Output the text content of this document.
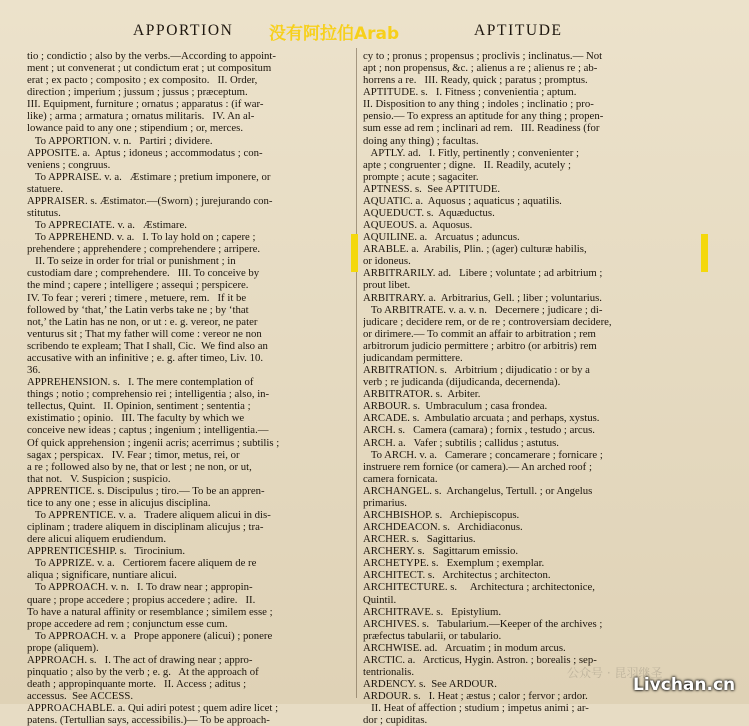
APPORTION	APTITUDE
没有阿拉伯Arab
tio ; condictio ; also by the verbs.—According to appoint-
ment ; ut convenerat ; ut condictum erat ; ut compositum
erat ; ex pacto ; composito ; ex composito.   II. Order,
direction ; imperium ; jussum ; jussus ; præceptum.
III. Equipment, furniture ; ornatus ; apparatus : (if war-
like) ; arma ; armatura ; ornatus militaris.   IV. An al-
lowance paid to any one ; stipendium ; or, merces.
To APPORTION. v. n.   Partiri ; dividere.
APPOSITE. a.  Aptus ; idoneus ; accommodatus ; con-
veniens ; congruus.
To APPRAISE. v. a.   Æstimare ; pretium imponere, or
statuere.
APPRAISER. s. Æstimator.—(Sworn) ; jurejurando con-
stitutus.
To APPRECIATE. v. a.   Æstimare.
To APPREHEND. v. a.   I. To lay hold on ; capere ;
prehendere ; apprehendere ; comprehendere ; arripere.
II. To seize in order for trial or punishment ; in
custodiam dare ; comprehendere.   III. To conceive by
the mind ; capere ; intelligere ; assequi ; perspicere.
IV. To fear ; vereri ; timere , metuere, rem.   If it be
followed by ‘that,’ the Latin verbs take ne ; by ‘that
not,’ the Latin has ne non, or ut : e. g. vereor, ne pater
venturus sit ; That my father will come : vereor ne non
scribendo te expleam; That I shall, Cic.  We find also an
accusative with an infinitive ; e. g. after timeo, Liv. 10.
36.
APPREHENSION. s.   I. The mere contemplation of
things ; notio ; comprehensio rei ; intelligentia ; also, in-
tellectus, Quint.   II. Opinion, sentiment ; sententia ;
existimatio ; opinio.   III. The faculty by which we
conceive new ideas ; captus ; ingenium ; intelligentia.—
Of quick apprehension ; ingenii acris; acerrimus ; subtilis ;
sagax ; perspicax.   IV. Fear ; timor, metus, rei, or
a re ; followed also by ne, that or lest ; ne non, or ut,
that not.   V. Suspicion ; suspicio.
APPRENTICE. s. Discipulus ; tiro.— To be an appren-
tice to any one ; esse in alicujus disciplina.
To APPRENTICE. v. a.   Tradere aliquem alicui in dis-
ciplinam ; tradere aliquem in disciplinam alicujus ; tra-
dere alicui aliquem erudiendum.
APPRENTICESHIP. s.   Tirocinium.
To APPRIZE. v. a.   Certiorem facere aliquem de re
aliqua ; significare, nuntiare alicui.
To APPROACH. v. n.   I. To draw near ; appropin-
quare ; prope accedere ; propius accedere ; adire.   II.
To have a natural affinity or resemblance ; similem esse ;
prope accedere ad rem ; conjunctum esse cum.
To APPROACH. v. a   Prope apponere (alicui) ; ponere
prope (aliquem).
APPROACH. s.   I. The act of drawing near ; appro-
pinquatio ; also by the verb ; e. g.   At the approach of
death ; appropinquante morte.   II. Access ; aditus ;
accessus.  See ACCESS.
APPROACHABLE. a. Qui adiri potest ; quem adire licet ;
patens. (Tertullian says, accessibilis.)— To be approach-
cy to ; pronus ; propensus ; proclivis ; inclinatus.— Not
apt ; non propensus, &c. ; alienus a re ; alienus re ; ab-
horrens a re.   III. Ready, quick ; paratus ; promptus.
APTITUDE. s.   I. Fitness ; convenientia ; aptum.
II. Disposition to any thing ; indoles ; inclinatio ; pro-
pensio.— To express an aptitude for any thing ; propen-
sum esse ad rem ; inclinari ad rem.   III. Readiness (for
doing any thing) ; facultas.
APTLY. ad.   I. Fitly, pertinently ; convenienter ;
apte ; congruenter ; digne.   II. Readily, acutely ;
prompte ; acute ; sagaciter.
APTNESS. s.  See APTITUDE.
AQUATIC. a.  Aquosus ; aquaticus ; aquatilis.
AQUEDUCT. s.  Aquæductus.
AQUEOUS. a.  Aquosus.
AQUILINE. a.   Arcuatus ; aduncus.
ARABLE. a.  Arabilis, Plin. ; (ager) culturæ habilis,
or idoneus.
ARBITRARILY. ad.   Libere ; voluntate ; ad arbitrium ;
prout libet.
ARBITRARY. a.  Arbitrarius, Gell. ; liber ; voluntarius.
To ARBITRATE. v. a. v. n.   Decernere ; judicare ; di-
judicare ; decidere rem, or de re ; controversiam decidere,
or dirimere.— To commit an affair to arbitration ; rem
arbitrorum judicio permittere ; arbitro (or arbitris) rem
judicandam permittere.
ARBITRATION. s.   Arbitrium ; dijudicatio : or by a
verb ; re judicanda (dijudicanda, decernenda).
ARBITRATOR. s.  Arbiter.
ARBOUR. s.  Umbraculum ; casa frondea.
ARCADE. s.  Ambulatio arcuata ; and perhaps, xystus.
ARCH. s.   Camera (camara) ; fornix , testudo ; arcus.
ARCH. a.   Vafer ; subtilis ; callidus ; astutus.
To ARCH. v. a.   Camerare ; concamerare ; fornicare ;
instruere rem fornice (or camera).— An arched roof ;
camera fornicata.
ARCHANGEL. s.  Archangelus, Tertull. ; or Angelus
primarius.
ARCHBISHOP. s.   Archiepiscopus.
ARCHDEACON. s.   Archidiaconus.
ARCHER. s.   Sagittarius.
ARCHERY. s.   Sagittarum emissio.
ARCHETYPE. s.   Exemplum ; exemplar.
ARCHITECT. s.   Architectus ; architecton.
ARCHITECTURE. s.     Architectura ; architectonice,
Quintil.
ARCHITRAVE. s.   Epistylium.
ARCHIVES. s.   Tabularium.—Keeper of the archives ;
præfectus tabularii, or tabulario.
ARCHWISE. ad.   Arcuatim ; in modum arcus.
ARCTIC. a.   Arcticus, Hygin. Astron. ; borealis ; sep-
tentrionalis.
ARDENCY. s.  See ARDOUR.
ARDOUR. s.   I. Heat ; æstus ; calor ; fervor ; ardor.
II. Heat of affection ; studium ; impetus animi ; ar-
dor ; cupiditas.
公众号 · 昆羽继圣
Livchan.cn
